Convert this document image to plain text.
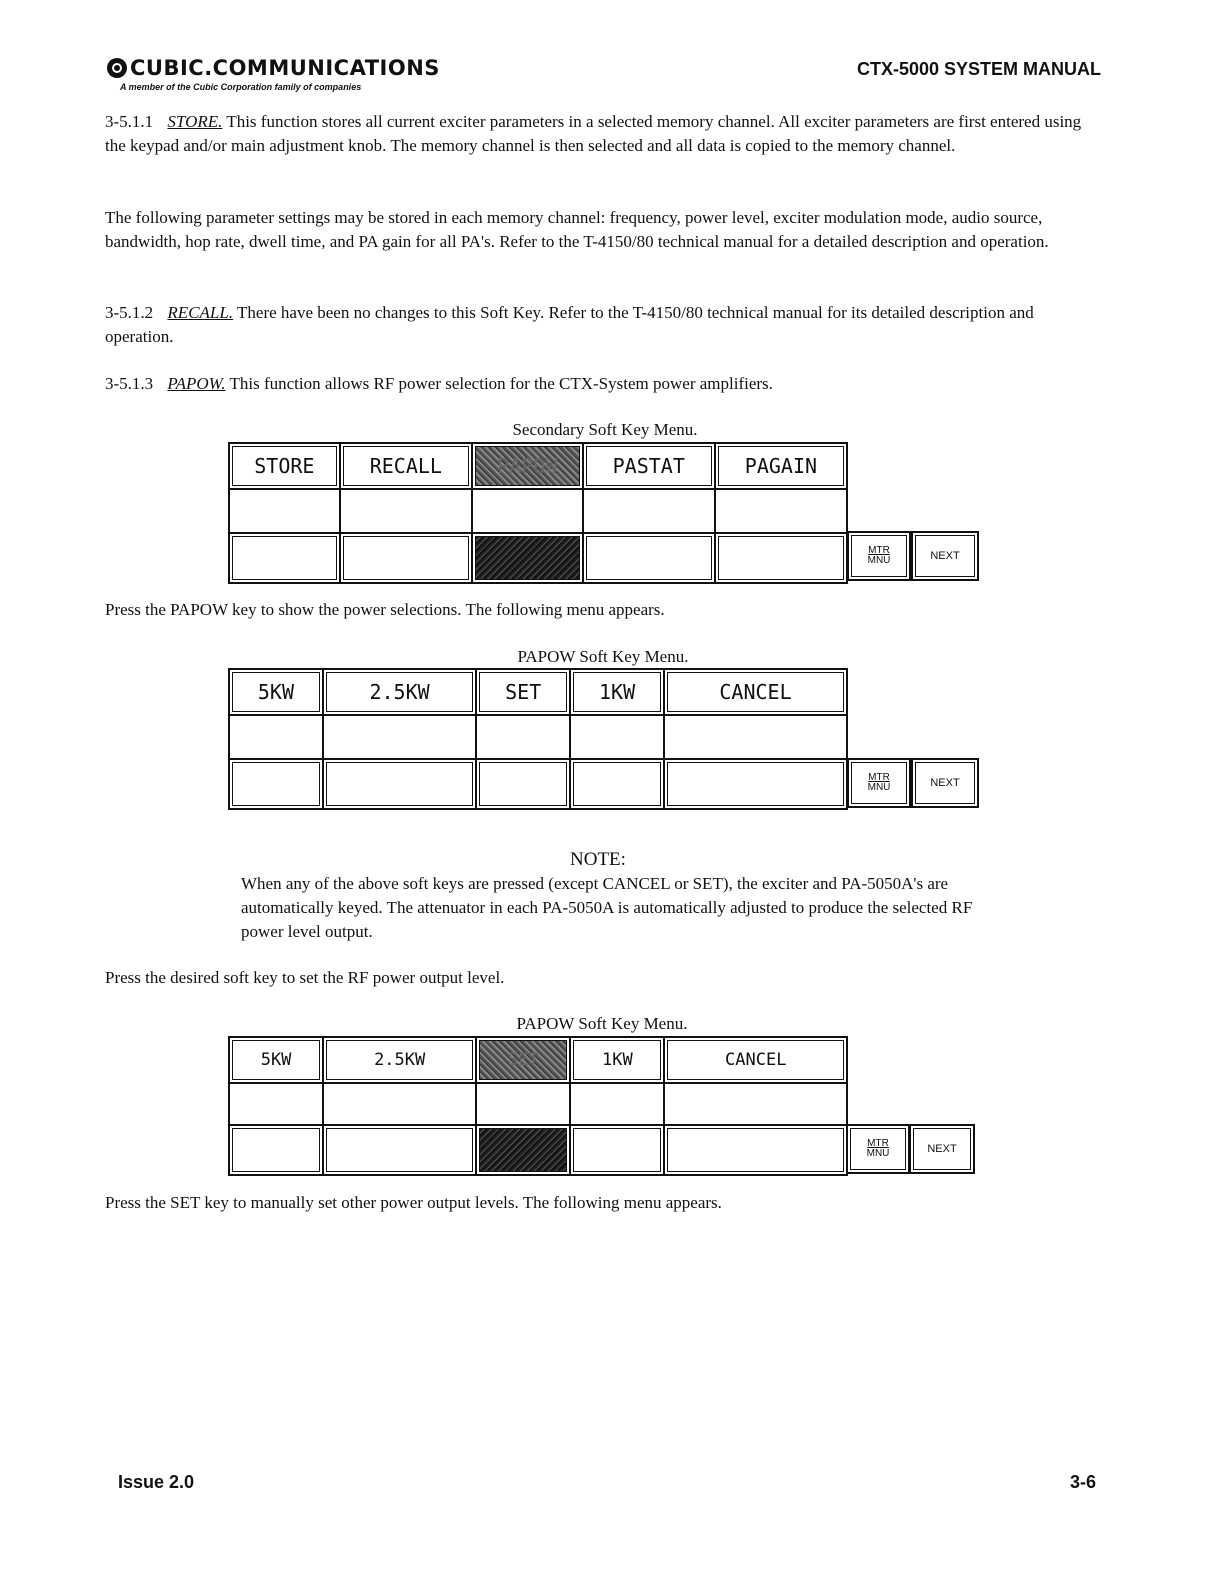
CUBIC.COMMUNICATIONS
A member of the Cubic Corporation family of companies
CTX-5000 SYSTEM MANUAL
3-5.1.1 STORE. This function stores all current exciter parameters in a selected memory channel. All exciter parameters are first entered using the keypad and/or main adjustment knob. The memory channel is then selected and all data is copied to the memory channel.
The following parameter settings may be stored in each memory channel: frequency, power level, exciter modulation mode, audio source, bandwidth, hop rate, dwell time, and PA gain for all PA's. Refer to the T-4150/80 technical manual for a detailed description and operation.
3-5.1.2 RECALL. There have been no changes to this Soft Key. Refer to the T-4150/80 technical manual for its detailed description and operation.
3-5.1.3 PAPOW. This function allows RF power selection for the CTX-System power amplifiers.
Secondary Soft Key Menu.
STORE	RECALL	PAPOW	PASTAT	PAGAIN

MTR
MNU	NEXT
Press the PAPOW key to show the power selections. The following menu appears.
PAPOW Soft Key Menu.
5KW	2.5KW	SET	1KW	CANCEL

MTR
MNU	NEXT
NOTE:
When any of the above soft keys are pressed (except CANCEL or SET), the exciter and PA-5050A's are automatically keyed. The attenuator in each PA-5050A is automatically adjusted to produce the selected RF power level output.
Press the desired soft key to set the RF power output level.
PAPOW Soft Key Menu.
5KW	2.5KW	SET	1KW	CANCEL

MTR
MNU	NEXT
Press the SET key to manually set other power output levels. The following menu appears.
Issue 2.0	3-6
